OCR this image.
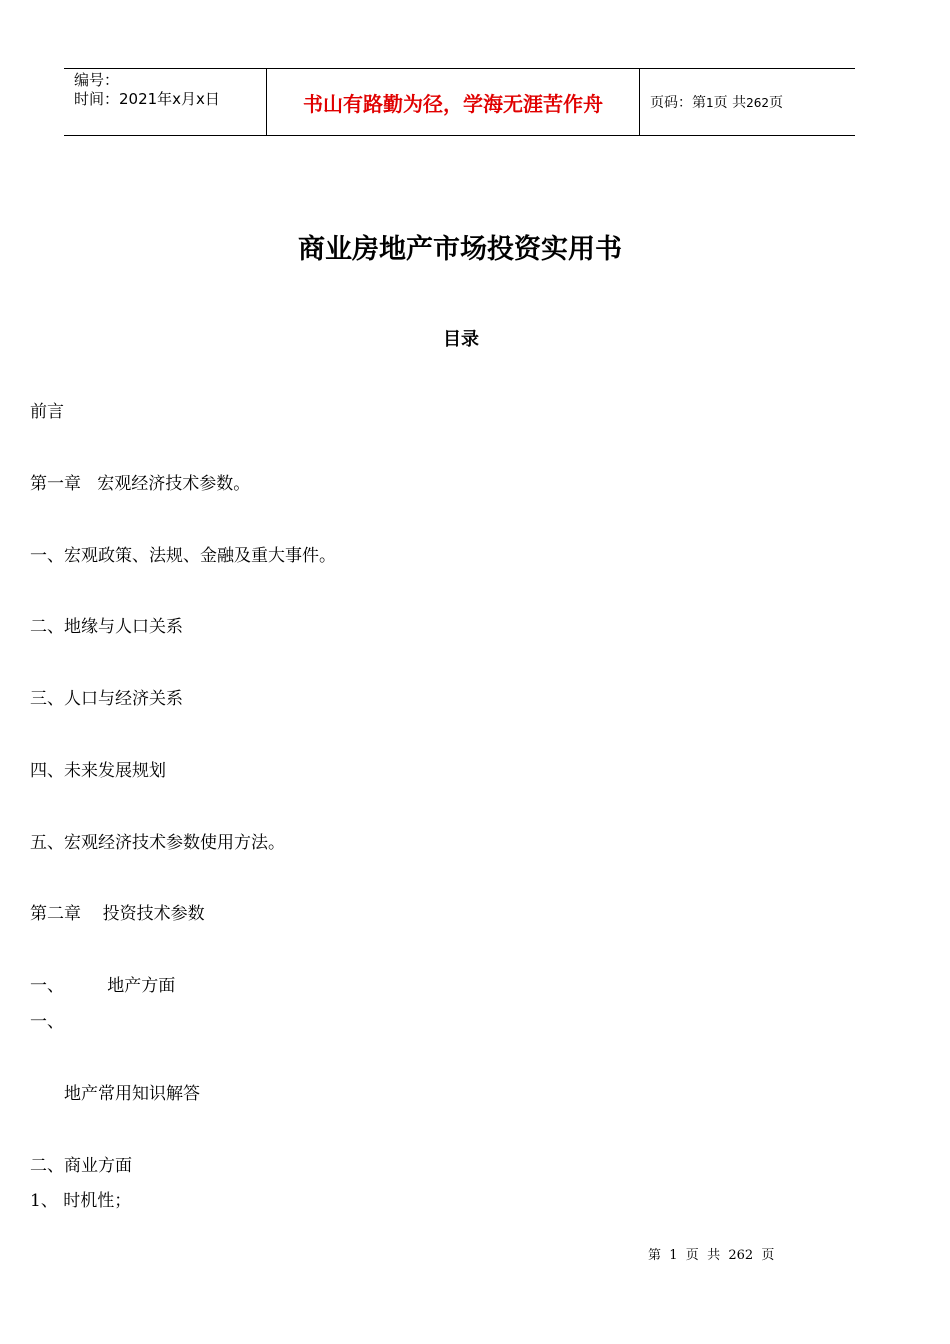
编号：
时间：2021年x月x日	书山有路勤为径，学海无涯苦作舟	页码：第1页 共262页
商业房地产市场投资实用书
目录
前言
第一章   宏观经济技术参数。
一、宏观政策、法规、金融及重大事件。
二、地缘与人口关系
三、人口与经济关系
四、未来发展规划
五、宏观经济技术参数使用方法。
第二章    投资技术参数
一、        地产方面
一、
地产常用知识解答
二、商业方面
1、 时机性；
第  1  页  共  262  页
